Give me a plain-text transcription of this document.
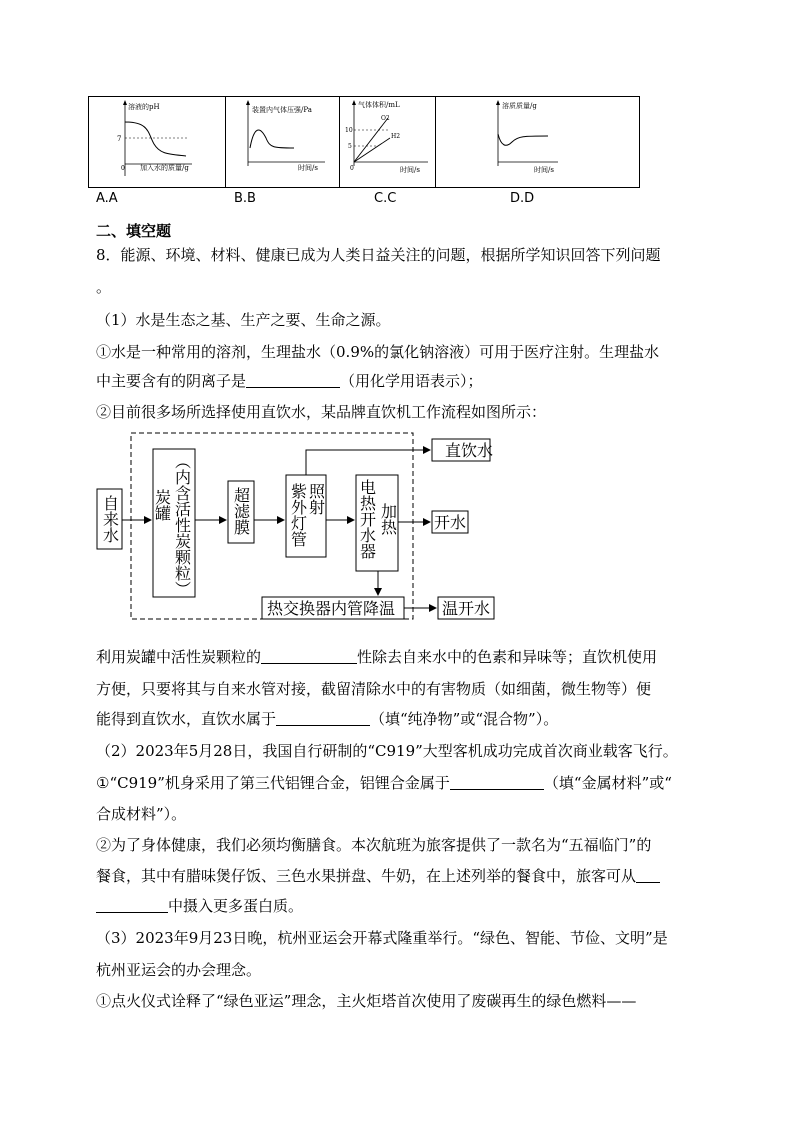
溶液的pH
7
0 加入水的质量/g
装置内气体压强/Pa
时间/s
气体体积/mL
10
5
0
O2
H2
时间/s
溶质质量/g
时间/s
A.A	B.B	C.C	D.D
二、填空题
8．能源、环境、材料、健康已成为人类日益关注的问题，根据所学知识回答下列问题
。
（1）水是生态之基、生产之要、生命之源。
①水是一种常用的溶剂，生理盐水（0.9%的氯化钠溶液）可用于医疗注射。生理盐水
中主要含有的阴离子是	（用化学用语表示）；
②目前很多场所选择使用直饮水，某品牌直饮机工作流程如图所示：
直饮水
开水
热交换器内管降温	温开水
自来水	（内含活性炭颗粒）
炭罐	超滤膜 紫外灯管 照射 电热开水器 加热
利用炭罐中活性炭颗粒的	性除去自来水中的色素和异味等；直饮机使用
方便，只要将其与自来水管对接，截留清除水中的有害物质（如细菌，微生物等）便
能得到直饮水，直饮水属于	（填“纯净物”或“混合物”）。
（2）2023年5月28日，我国自行研制的“C919”大型客机成功完成首次商业载客飞行。
①“C919”机身采用了第三代铝锂合金，铝锂合金属于	（填“金属材料”或“
合成材料”）。
②为了身体健康，我们必须均衡膳食。本次航班为旅客提供了一款名为“五福临门”的
餐食，其中有腊味煲仔饭、三色水果拼盘、牛奶，在上述列举的餐食中，旅客可从
中摄入更多蛋白质。
（3）2023年9月23日晚，杭州亚运会开幕式隆重举行。“绿色、智能、节俭、文明”是
杭州亚运会的办会理念。
①点火仪式诠释了“绿色亚运”理念，主火炬塔首次使用了废碳再生的绿色燃料——
